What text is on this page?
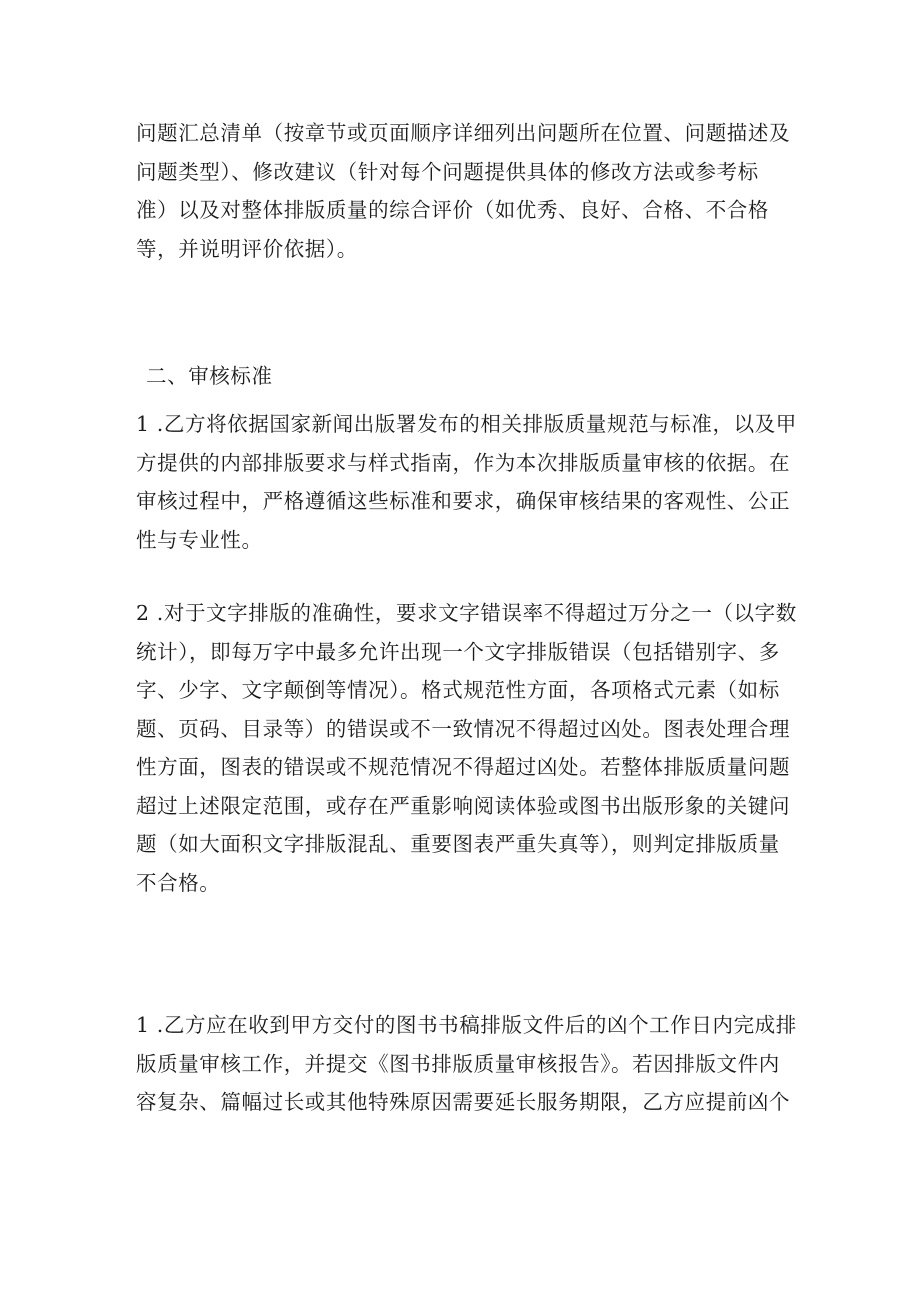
问题汇总清单（按章节或页面顺序详细列出问题所在位置、问题描述及
问题类型）、修改建议（针对每个问题提供具体的修改方法或参考标
准）以及对整体排版质量的综合评价（如优秀、良好、合格、不合格
等，并说明评价依据）。

二、审核标准

1 .乙方将依据国家新闻出版署发布的相关排版质量规范与标准，以及甲
方提供的内部排版要求与样式指南，作为本次排版质量审核的依据。在
审核过程中，严格遵循这些标准和要求，确保审核结果的客观性、公正
性与专业性。

2 .对于文字排版的准确性，要求文字错误率不得超过万分之一（以字数
统计），即每万字中最多允许出现一个文字排版错误（包括错别字、多
字、少字、文字颠倒等情况）。格式规范性方面，各项格式元素（如标
题、页码、目录等）的错误或不一致情况不得超过凶处。图表处理合理
性方面，图表的错误或不规范情况不得超过凶处。若整体排版质量问题
超过上述限定范围，或存在严重影响阅读体验或图书出版形象的关键问
题（如大面积文字排版混乱、重要图表严重失真等），则判定排版质量
不合格。

1 .乙方应在收到甲方交付的图书书稿排版文件后的凶个工作日内完成排
版质量审核工作，并提交《图书排版质量审核报告》。若因排版文件内
容复杂、篇幅过长或其他特殊原因需要延长服务期限，乙方应提前凶个
